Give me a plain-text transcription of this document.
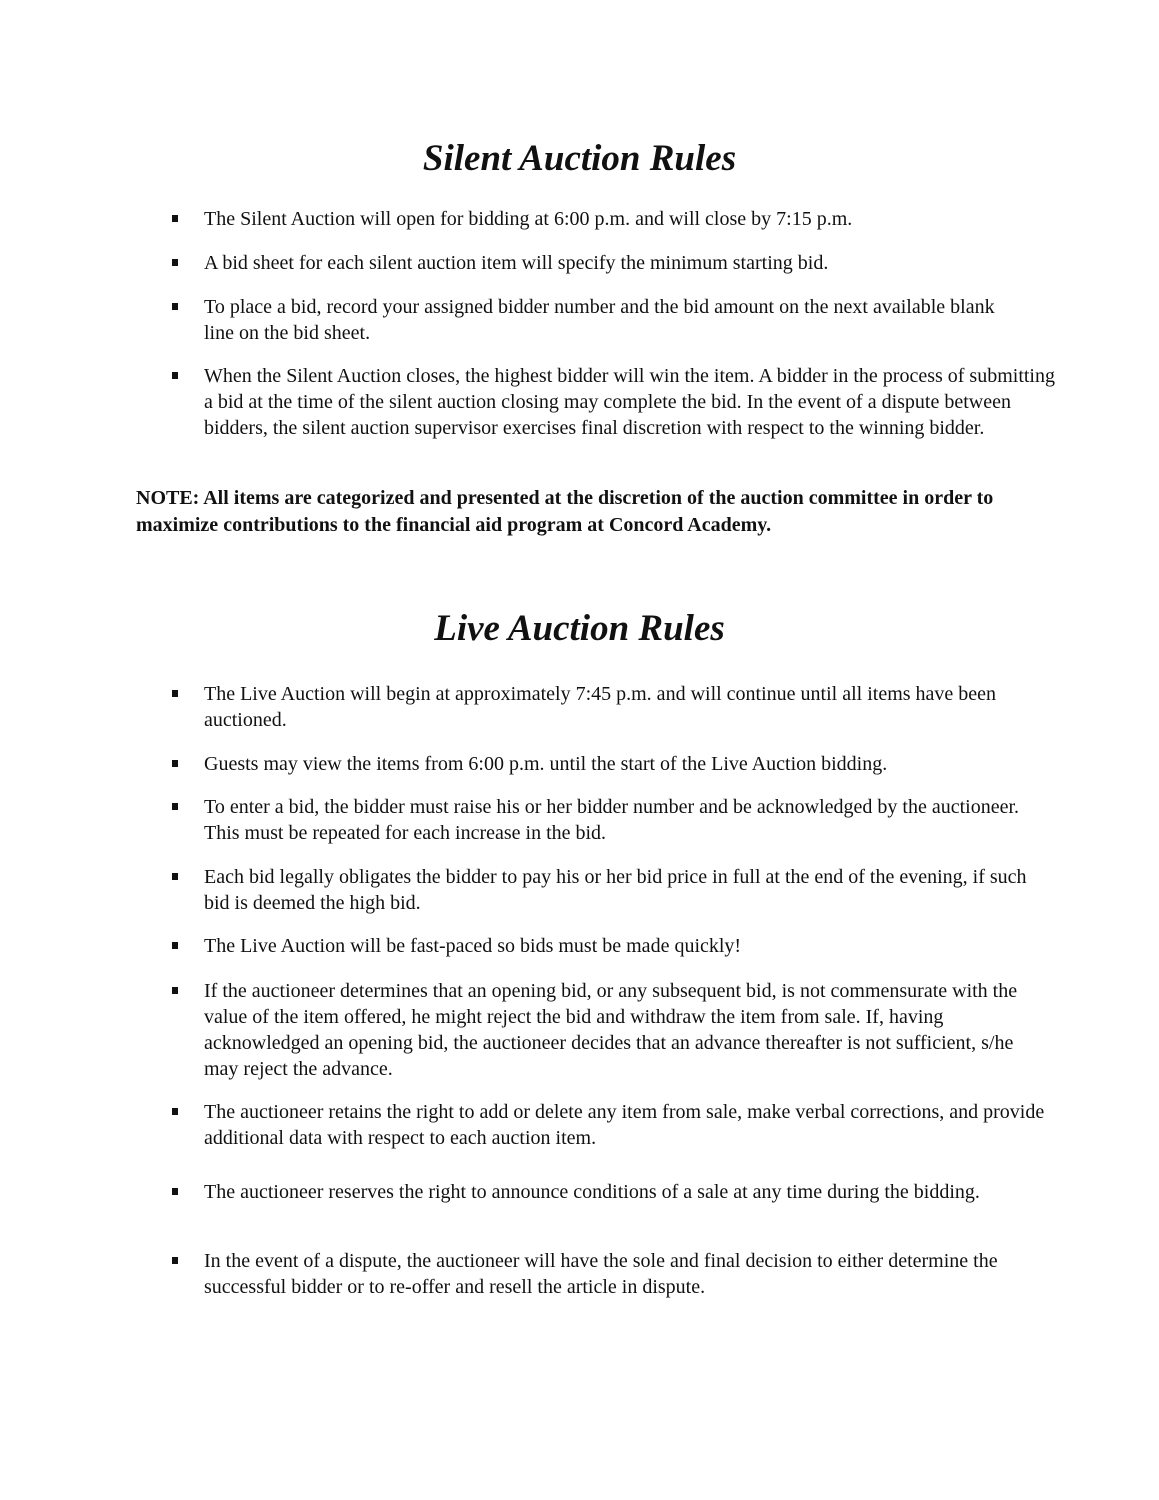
Silent Auction Rules
The Silent Auction will open for bidding at 6:00 p.m. and will close by 7:15 p.m.
A bid sheet for each silent auction item will specify the minimum starting bid.
To place a bid, record your assigned bidder number and the bid amount on the next available blank line on the bid sheet.
When the Silent Auction closes, the highest bidder will win the item. A bidder in the process of submitting a bid at the time of the silent auction closing may complete the bid. In the event of a dispute between bidders, the silent auction supervisor exercises final discretion with respect to the winning bidder.

NOTE: All items are categorized and presented at the discretion of the auction committee in order to maximize contributions to the financial aid program at Concord Academy.

Live Auction Rules
The Live Auction will begin at approximately 7:45 p.m. and will continue until all items have been auctioned.
Guests may view the items from 6:00 p.m. until the start of the Live Auction bidding.
To enter a bid, the bidder must raise his or her bidder number and be acknowledged by the auctioneer. This must be repeated for each increase in the bid.
Each bid legally obligates the bidder to pay his or her bid price in full at the end of the evening, if such bid is deemed the high bid.
The Live Auction will be fast-paced so bids must be made quickly!
If the auctioneer determines that an opening bid, or any subsequent bid, is not commensurate with the value of the item offered, he might reject the bid and withdraw the item from sale. If, having acknowledged an opening bid, the auctioneer decides that an advance thereafter is not sufficient, s/he may reject the advance.
The auctioneer retains the right to add or delete any item from sale, make verbal corrections, and provide additional data with respect to each auction item.
The auctioneer reserves the right to announce conditions of a sale at any time during the bidding.
In the event of a dispute, the auctioneer will have the sole and final decision to either determine the successful bidder or to re-offer and resell the article in dispute.
